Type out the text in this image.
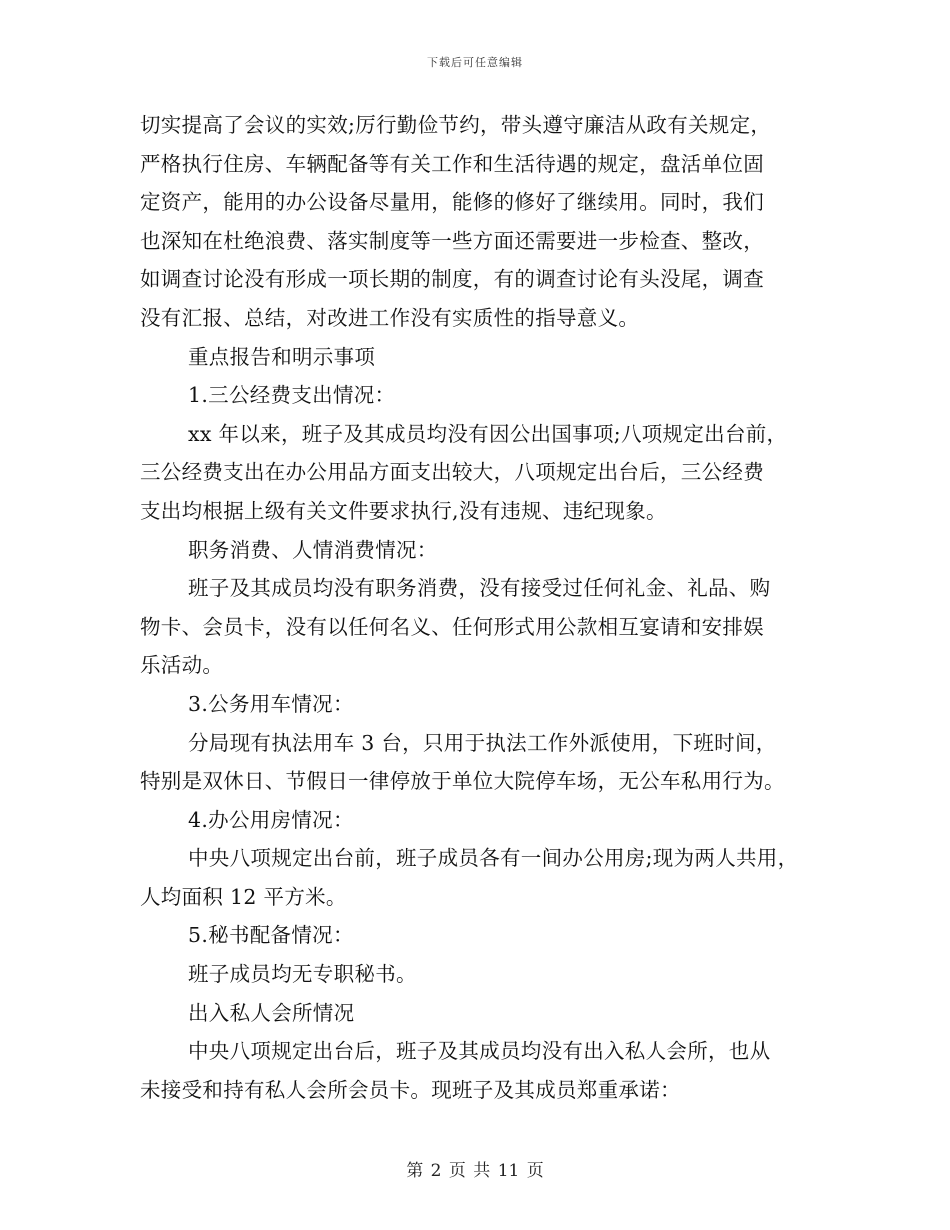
下载后可任意编辑
切实提高了会议的实效;厉行勤俭节约，带头遵守廉洁从政有关规定，
严格执行住房、车辆配备等有关工作和生活待遇的规定，盘活单位固
定资产，能用的办公设备尽量用，能修的修好了继续用。同时，我们
也深知在杜绝浪费、落实制度等一些方面还需要进一步检查、整改，
如调查讨论没有形成一项长期的制度，有的调查讨论有头没尾，调查
没有汇报、总结，对改进工作没有实质性的指导意义。
重点报告和明示事项
1.三公经费支出情况：
xx 年以来，班子及其成员均没有因公出国事项;八项规定出台前，
三公经费支出在办公用品方面支出较大，八项规定出台后，三公经费
支出均根据上级有关文件要求执行,没有违规、违纪现象。
职务消费、人情消费情况：
班子及其成员均没有职务消费，没有接受过任何礼金、礼品、购
物卡、会员卡，没有以任何名义、任何形式用公款相互宴请和安排娱
乐活动。
3.公务用车情况：
分局现有执法用车 3 台，只用于执法工作外派使用，下班时间，
特别是双休日、节假日一律停放于单位大院停车场，无公车私用行为。
4.办公用房情况：
中央八项规定出台前，班子成员各有一间办公用房;现为两人共用，
人均面积 12 平方米。
5.秘书配备情况：
班子成员均无专职秘书。
出入私人会所情况
中央八项规定出台后，班子及其成员均没有出入私人会所，也从
未接受和持有私人会所会员卡。现班子及其成员郑重承诺：
第 2 页 共 11 页
